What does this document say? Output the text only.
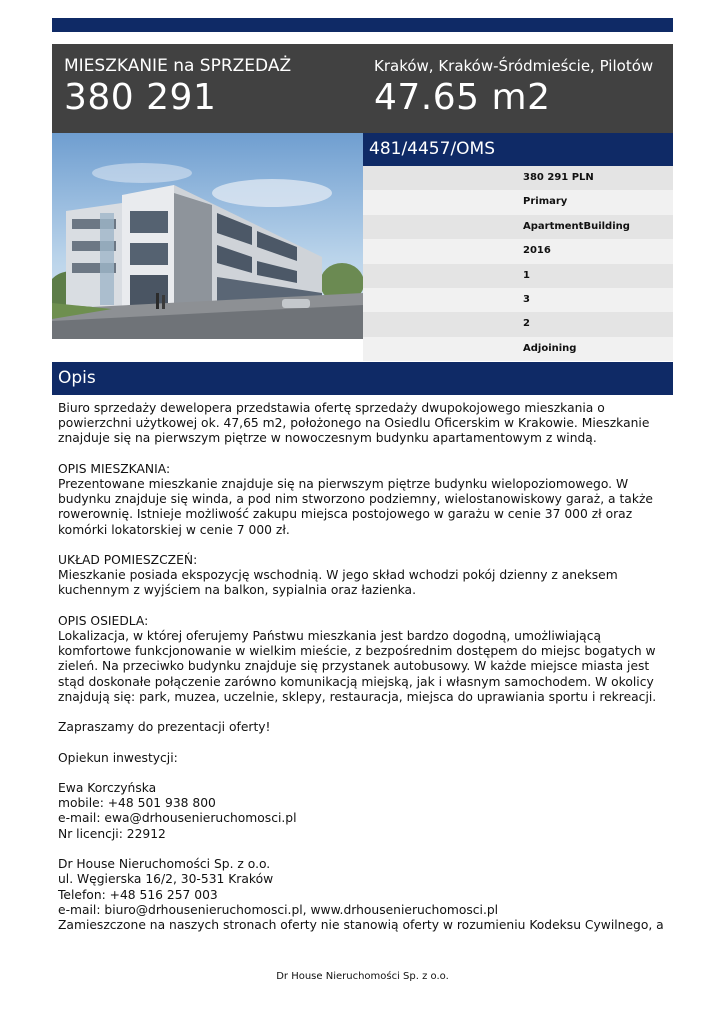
MIESZKANIE na SPRZEDAŻ
380 291
Kraków, Kraków-Śródmieście, Pilotów
47.65 m2
481/4457/OMS
380 291 PLN
Primary
ApartmentBuilding
2016
1
3
2
Adjoining
Opis
Biuro sprzedaży dewelopera przedstawia ofertę sprzedaży dwupokojowego mieszkania o powierzchni użytkowej ok. 47,65 m2, położonego na Osiedlu Oficerskim w Krakowie. Mieszkanie znajduje się na pierwszym piętrze w nowoczesnym budynku apartamentowym z windą.

OPIS MIESZKANIA:
Prezentowane mieszkanie znajduje się na pierwszym piętrze budynku wielopoziomowego. W budynku znajduje się winda, a pod nim stworzono podziemny, wielostanowiskowy garaż, a także rowerownię. Istnieje możliwość zakupu miejsca postojowego w garażu w cenie 37 000 zł oraz komórki lokatorskiej w cenie 7 000 zł.

UKŁAD POMIESZCZEŃ:
Mieszkanie posiada ekspozycję wschodnią. W jego skład wchodzi pokój dzienny z aneksem kuchennym z wyjściem na balkon, sypialnia oraz łazienka.

OPIS OSIEDLA:
Lokalizacja, w której oferujemy Państwu mieszkania jest bardzo dogodną, umożliwiającą komfortowe funkcjonowanie w wielkim mieście, z bezpośrednim dostępem do miejsc bogatych w zieleń. Na przeciwko budynku znajduje się przystanek autobusowy. W każde miejsce miasta jest stąd doskonałe połączenie zarówno komunikacją miejską, jak i własnym samochodem. W okolicy znajdują się: park, muzea, uczelnie, sklepy, restauracja, miejsca do uprawiania sportu i rekreacji.

Zapraszamy do prezentacji oferty!

Opiekun inwestycji:

Ewa Korczyńska
mobile: +48 501 938 800
e-mail: ewa@drhousenieruchomosci.pl
Nr licencji: 22912

Dr House Nieruchomości Sp. z o.o.
ul. Węgierska 16/2, 30-531 Kraków
Telefon: +48 516 257 003
e-mail: biuro@drhousenieruchomosci.pl, www.drhousenieruchomosci.pl
Zamieszczone na naszych stronach oferty nie stanowią oferty w rozumieniu Kodeksu Cywilnego, a
Dr House Nieruchomości Sp. z o.o.
